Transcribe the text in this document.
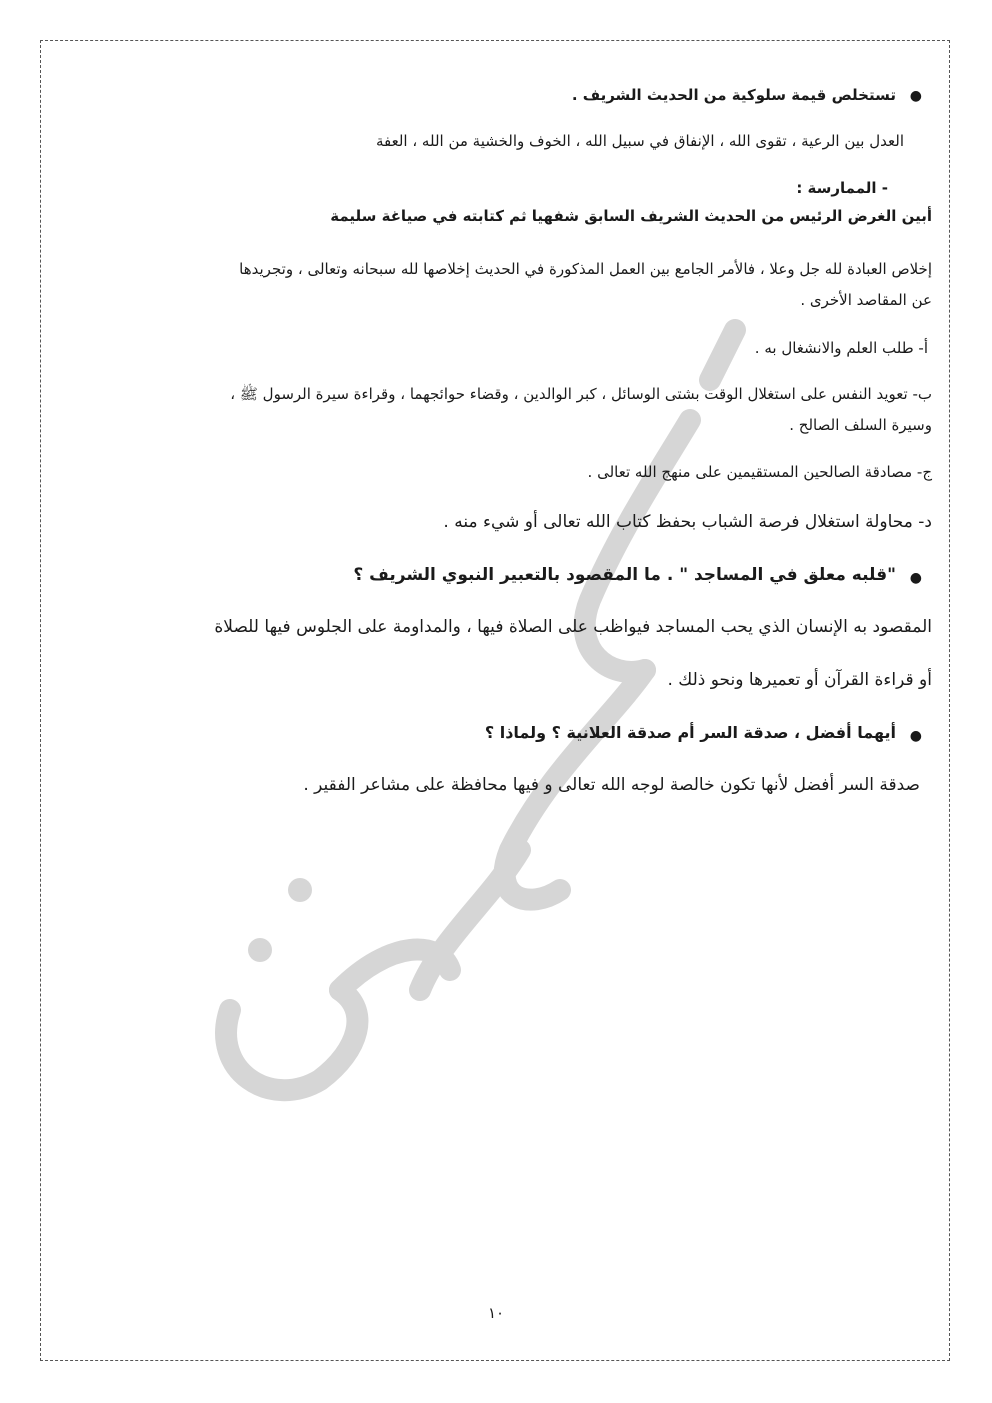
●
تستخلص قيمة سلوكية من الحديث الشريف .
العدل بين الرعية ، تقوى الله ، الإنفاق في سبيل الله ، الخوف والخشية من الله ، العفة
- الممارسة :
أبين الغرض الرئيس من الحديث الشريف السابق شفهيا ثم كتابته في صياغة سليمة
إخلاص العبادة لله جل وعلا ، فالأمر الجامع بين العمل المذكورة في الحديث إخلاصها لله سبحانه وتعالى ، وتجريدها
عن المقاصد الأخرى .
أ- طلب العلم والانشغال به .
ب- تعويد النفس على استغلال الوقت بشتى الوسائل ، كبر الوالدين ، وقضاء حوائجهما ، وقراءة سيرة الرسول ﷺ ،
وسيرة السلف الصالح .
ج- مصادقة الصالحين المستقيمين على منهج الله تعالى .
د- محاولة استغلال فرصة الشباب بحفظ كتاب الله تعالى أو شيء منه .
●
"قلبه معلق في المساجد " . ما المقصود بالتعبير النبوي الشريف ؟
المقصود به الإنسان الذي يحب المساجد فيواظب على الصلاة فيها ، والمداومة على الجلوس فيها للصلاة
أو قراءة القرآن أو تعميرها ونحو ذلك .
●
أيهما أفضل ، صدقة السر أم صدقة العلانية ؟ ولماذا ؟
صدقة السر أفضل لأنها تكون خالصة لوجه الله تعالى و فيها محافظة على مشاعر الفقير .
١٠
